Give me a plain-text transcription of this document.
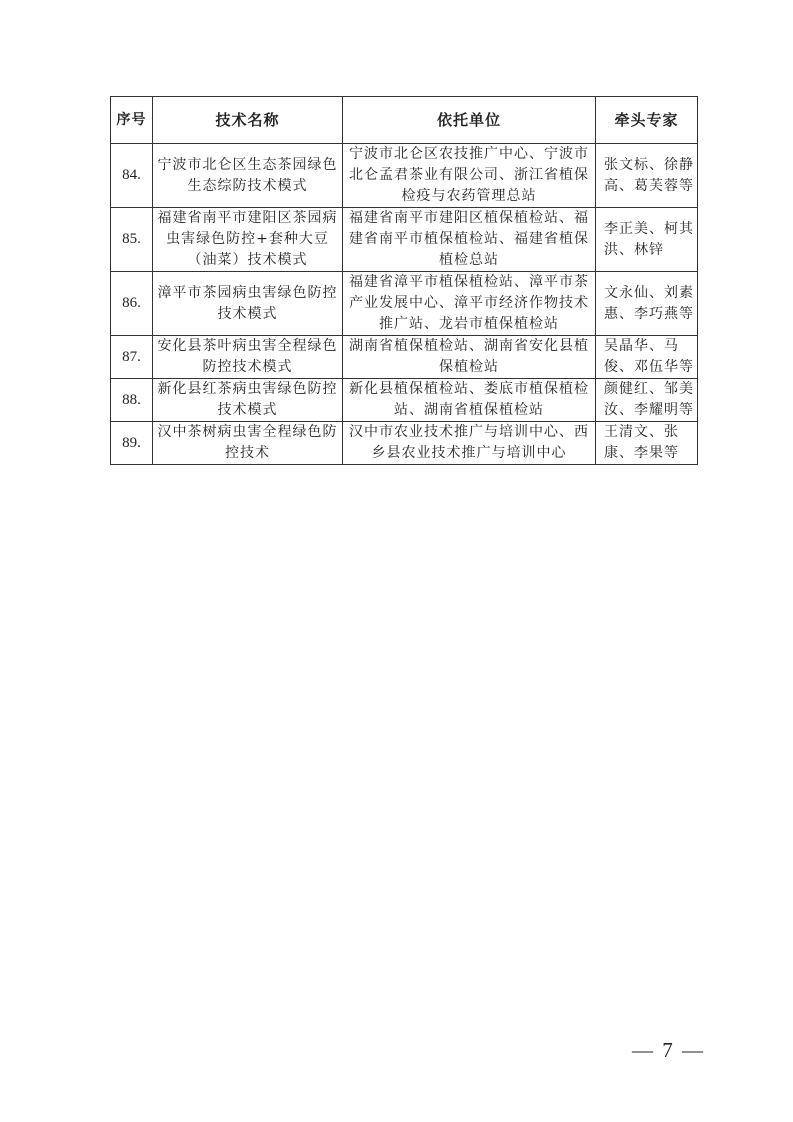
序号	技术名称	依托单位	牵头专家
84.	宁波市北仑区生态茶园绿色生态综防技术模式	宁波市北仑区农技推广中心、宁波市北仑孟君茶业有限公司、浙江省植保检疫与农药管理总站	张文标、徐静高、葛芙蓉等
85.	福建省南平市建阳区茶园病虫害绿色防控+套种大豆（油菜）技术模式	福建省南平市建阳区植保植检站、福建省南平市植保植检站、福建省植保植检总站	李正美、柯其洪、林锌
86.	漳平市茶园病虫害绿色防控技术模式	福建省漳平市植保植检站、漳平市茶产业发展中心、漳平市经济作物技术推广站、龙岩市植保植检站	文永仙、刘素惠、李巧燕等
87.	安化县茶叶病虫害全程绿色防控技术模式	湖南省植保植检站、湖南省安化县植保植检站	吴晶华、马俊、邓伍华等
88.	新化县红茶病虫害绿色防控技术模式	新化县植保植检站、娄底市植保植检站、湖南省植保植检站	颜健红、邹美汝、李耀明等
89.	汉中茶树病虫害全程绿色防控技术	汉中市农业技术推广与培训中心、西乡县农业技术推广与培训中心	王清文、张康、李果等
— 7 —
